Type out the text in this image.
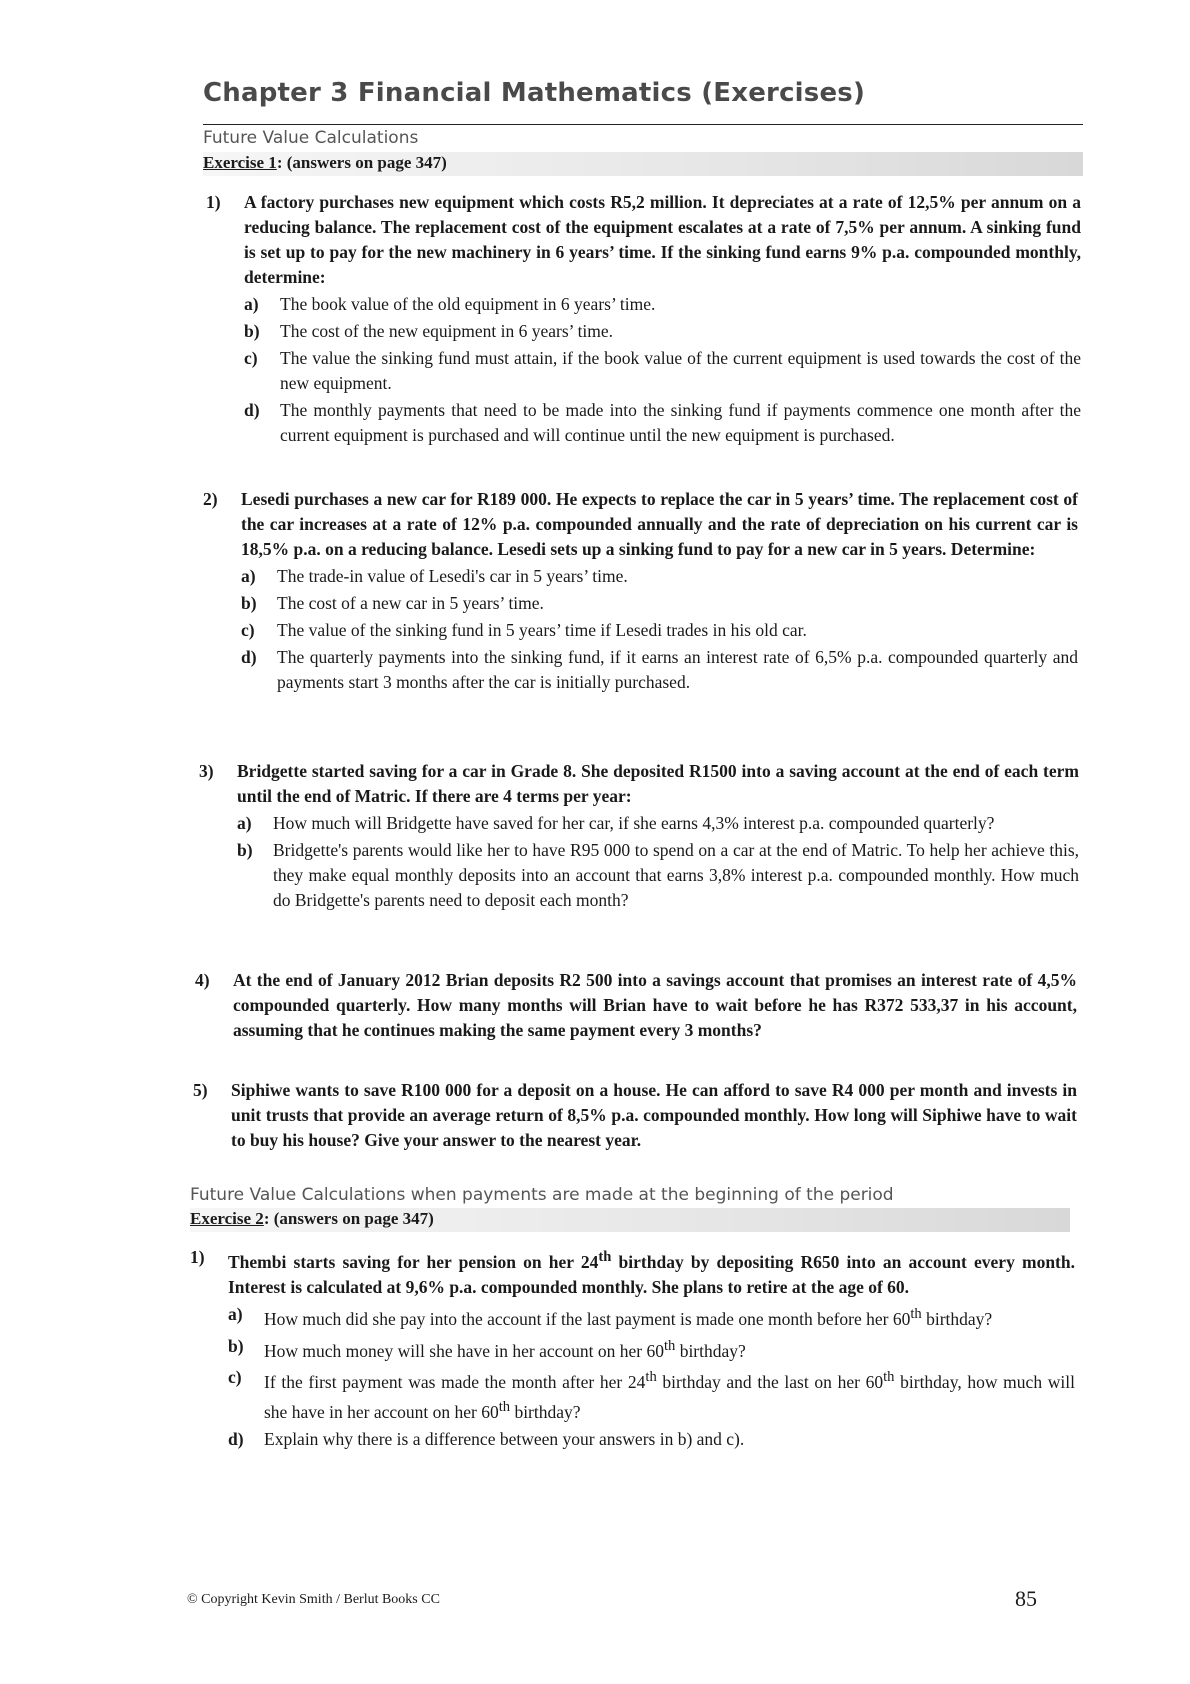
Chapter 3 Financial Mathematics (Exercises)
Future Value Calculations
Exercise 1: (answers on page 347)
1) A factory purchases new equipment which costs R5,2 million. It depreciates at a rate of 12,5% per annum on a reducing balance. The replacement cost of the equipment escalates at a rate of 7,5% per annum. A sinking fund is set up to pay for the new machinery in 6 years’ time. If the sinking fund earns 9% p.a. compounded monthly, determine:
a) The book value of the old equipment in 6 years’ time.
b) The cost of the new equipment in 6 years’ time.
c) The value the sinking fund must attain, if the book value of the current equipment is used towards the cost of the new equipment.
d) The monthly payments that need to be made into the sinking fund if payments commence one month after the current equipment is purchased and will continue until the new equipment is purchased.
2) Lesedi purchases a new car for R189 000. He expects to replace the car in 5 years’ time. The replacement cost of the car increases at a rate of 12% p.a. compounded annually and the rate of depreciation on his current car is 18,5% p.a. on a reducing balance. Lesedi sets up a sinking fund to pay for a new car in 5 years. Determine:
a) The trade-in value of Lesedi's car in 5 years’ time.
b) The cost of a new car in 5 years’ time.
c) The value of the sinking fund in 5 years’ time if Lesedi trades in his old car.
d) The quarterly payments into the sinking fund, if it earns an interest rate of 6,5% p.a. compounded quarterly and payments start 3 months after the car is initially purchased.
3) Bridgette started saving for a car in Grade 8. She deposited R1500 into a saving account at the end of each term until the end of Matric. If there are 4 terms per year:
a) How much will Bridgette have saved for her car, if she earns 4,3% interest p.a. compounded quarterly?
b) Bridgette's parents would like her to have R95 000 to spend on a car at the end of Matric. To help her achieve this, they make equal monthly deposits into an account that earns 3,8% interest p.a. compounded monthly. How much do Bridgette's parents need to deposit each month?
4) At the end of January 2012 Brian deposits R2 500 into a savings account that promises an interest rate of 4,5% compounded quarterly. How many months will Brian have to wait before he has R372 533,37 in his account, assuming that he continues making the same payment every 3 months?
5) Siphiwe wants to save R100 000 for a deposit on a house. He can afford to save R4 000 per month and invests in unit trusts that provide an average return of 8,5% p.a. compounded monthly. How long will Siphiwe have to wait to buy his house? Give your answer to the nearest year.
Future Value Calculations when payments are made at the beginning of the period
Exercise 2: (answers on page 347)
1) Thembi starts saving for her pension on her 24th birthday by depositing R650 into an account every month. Interest is calculated at 9,6% p.a. compounded monthly. She plans to retire at the age of 60.
a) How much did she pay into the account if the last payment is made one month before her 60th birthday?
b) How much money will she have in her account on her 60th birthday?
c) If the first payment was made the month after her 24th birthday and the last on her 60th birthday, how much will she have in her account on her 60th birthday?
d) Explain why there is a difference between your answers in b) and c).
© Copyright Kevin Smith / Berlut Books CC	85
